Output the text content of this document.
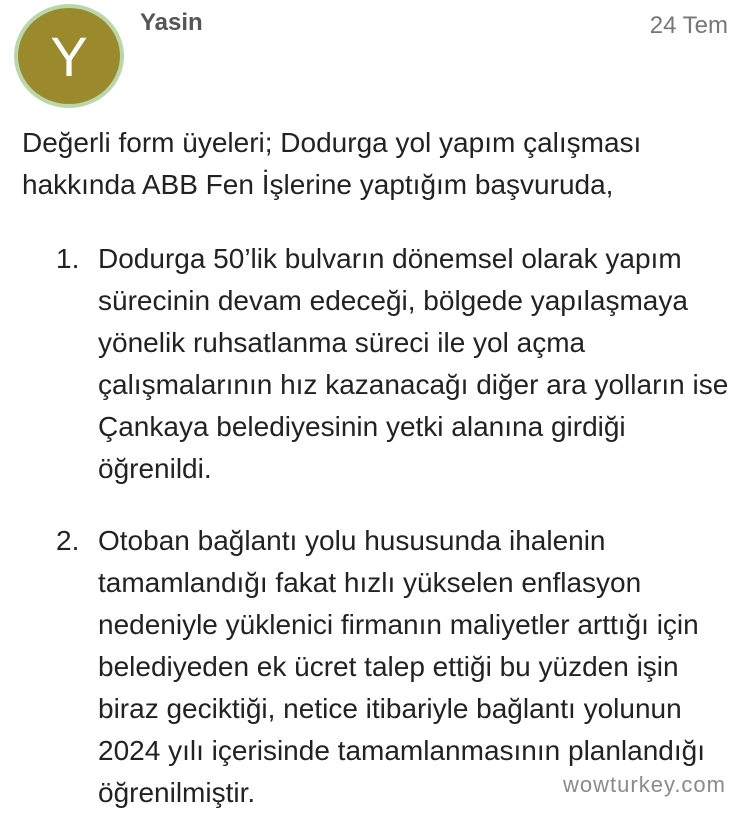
Y
Yasin	24 Tem

Değerli form üyeleri; Dodurga yol yapım çalışması hakkında ABB Fen İşlerine yaptığım başvuruda,

1. Dodurga 50’lik bulvarın dönemsel olarak yapım sürecinin devam edeceği, bölgede yapılaşmaya yönelik ruhsatlanma süreci ile yol açma çalışmalarının hız kazanacağı diğer ara yolların ise Çankaya belediyesinin yetki alanına girdiği öğrenildi.
2. Otoban bağlantı yolu hususunda ihalenin tamamlandığı fakat hızlı yükselen enflasyon nedeniyle yüklenici firmanın maliyetler arttığı için belediyeden ek ücret talep ettiği bu yüzden işin biraz geciktiği, netice itibariyle bağlantı yolunun 2024 yılı içerisinde tamamlanmasının planlandığı öğrenilmiştir.	wowturkey.com
